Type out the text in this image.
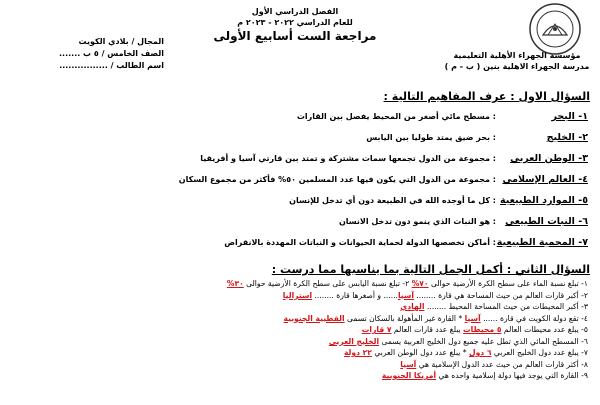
مؤسسة الجهراء الأهلية التعليمية
مدرسة الجهراء الاهلية بنين ( ب - م )
الفصل الدراسي الأول
للعام الدراسي ٢٠٢٢ - ٢٠٢٣ م
مراجعة الست أسابيع الأولى
المجال / بلادي الكويت
الصف الخامس / ٥ ب .......
اسم الطالب / ................
السؤال الاول : عرف المفاهيم التالية :
١- البحر
: مسطح مائي أصغر من المحيط يفصل بين القارات
٢- الخليج
: بحر ضيق يمتد طوليا بين اليابس
٣- الوطن العربي
: مجموعة من الدول تجمعها سمات مشتركة و تمتد بين قارتي آسيا و أفريقيا
٤- العالم الإسلامي
: مجموعة من الدول التي يكون فيها عدد المسلمين ٥٠% فأكثر من مجموع السكان
٥- الموارد الطبيعية
: كل ما أوجده الله في الطبيعة دون أي تدخل للإنسان
٦- النبات الطبيعي
: هو النبات الذي ينمو دون تدخل الانسان
٧- المحمية الطبيعية
: أماكن تخصصها الدولة لحماية الحيوانات و النباتات المهددة بالانقراض
السؤال الثاني : أكمل الجمل التالية بما يناسبها مما درست :
١- تبلغ نسبة الماء على سطح الكرة الأرضية حوالى ٧٠% ٢- تبلغ نسبة اليابس على سطح الكرة الأرضية حوالى ٣٠%
٢- أكبر قارات العالم من حيث المساحة هي قارة ........ آسيا...... و أصغرها قارة ........ استراليا
٣- أكبر المحيطات من حيث المساحة المحيط ........ الهادي
٤- تقع دولة الكويت في قارة ...... آسيا * القارة غير المأهولة بالسكان تسمى القطبية الجنوبية
٥- يبلغ عدد محيطات العالم ٥ محيطات يبلغ عدد قارات العالم ٧ قارات
٦- المسطح المائي الذي تطل عليه جميع دول الخليج العربية يسمى الخليج العربي
٧- يبلغ عدد دول الخليج العربي ٦ دول * يبلغ عدد دول الوطن العربي ٢٢ دولة
٨- أكثر قارات العالم من حيث عدد الدول الإسلامية هي آسيا
٩- القارة التي يوجد فيها دولة إسلامية واحده هي أمريكا الجنوبية
